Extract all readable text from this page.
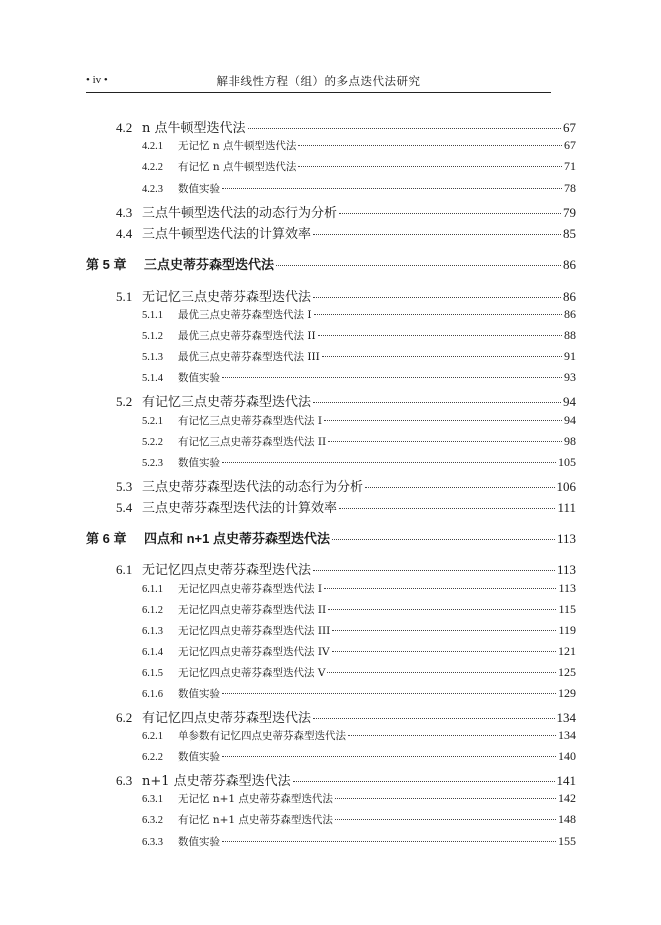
• iv •	解非线性方程（组）的多点迭代法研究
4.2 n 点牛顿型迭代法	67
4.2.1	无记忆 n 点牛顿型迭代法	67
4.2.2	有记忆 n 点牛顿型迭代法	71
4.2.3	数值实验	78
4.3 三点牛顿型迭代法的动态行为分析	79
4.4 三点牛顿型迭代法的计算效率	85
第 5 章	三点史蒂芬森型迭代法	86
5.1 无记忆三点史蒂芬森型迭代法	86
5.1.1	最优三点史蒂芬森型迭代法 I	86
5.1.2	最优三点史蒂芬森型迭代法 II	88
5.1.3	最优三点史蒂芬森型迭代法 III	91
5.1.4	数值实验	93
5.2 有记忆三点史蒂芬森型迭代法	94
5.2.1	有记忆三点史蒂芬森型迭代法 I	94
5.2.2	有记忆三点史蒂芬森型迭代法 II	98
5.2.3	数值实验	105
5.3 三点史蒂芬森型迭代法的动态行为分析	106
5.4 三点史蒂芬森型迭代法的计算效率	111
第 6 章	四点和 n+1 点史蒂芬森型迭代法	113
6.1 无记忆四点史蒂芬森型迭代法	113
6.1.1	无记忆四点史蒂芬森型迭代法 I	113
6.1.2	无记忆四点史蒂芬森型迭代法 II	115
6.1.3	无记忆四点史蒂芬森型迭代法 III	119
6.1.4	无记忆四点史蒂芬森型迭代法 IV	121
6.1.5	无记忆四点史蒂芬森型迭代法 V	125
6.1.6	数值实验	129
6.2 有记忆四点史蒂芬森型迭代法	134
6.2.1	单参数有记忆四点史蒂芬森型迭代法	134
6.2.2	数值实验	140
6.3 n+1 点史蒂芬森型迭代法	141
6.3.1	无记忆 n+1 点史蒂芬森型迭代法	142
6.3.2	有记忆 n+1 点史蒂芬森型迭代法	148
6.3.3	数值实验	155
